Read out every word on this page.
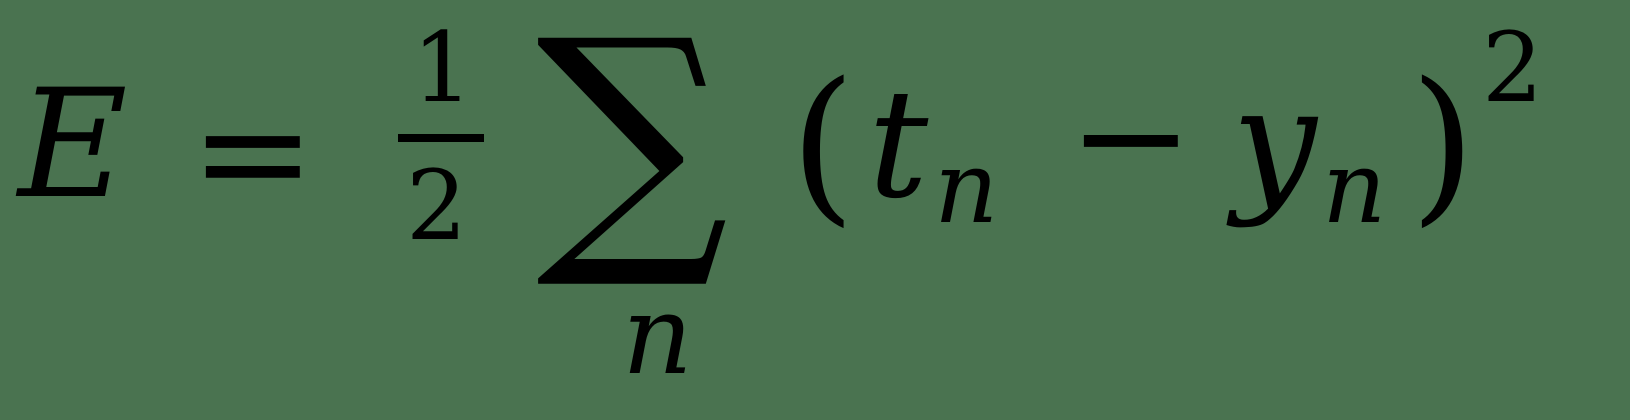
E = 1
2 ∑
n
( t n − y n ) 2
